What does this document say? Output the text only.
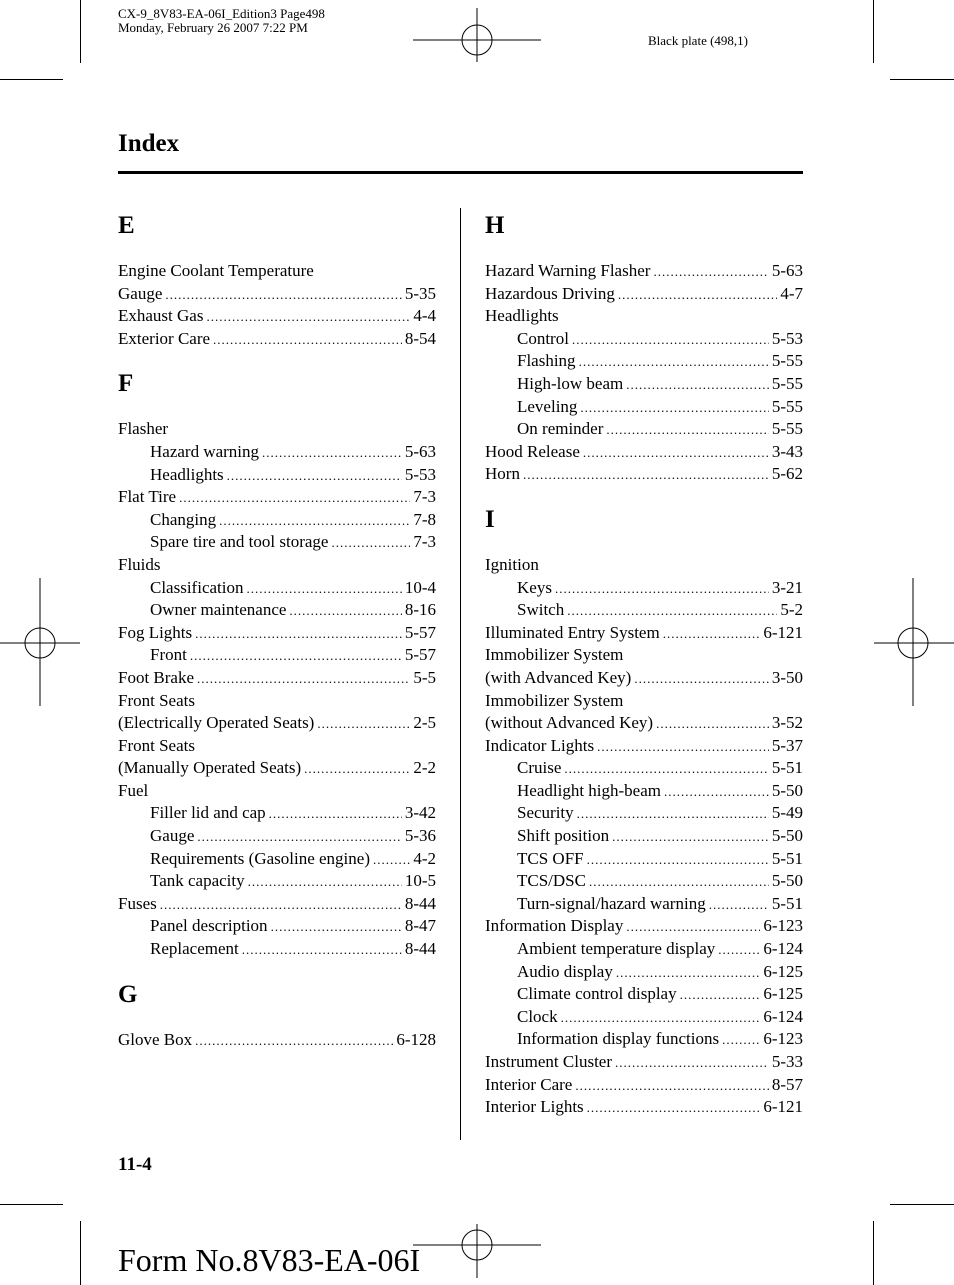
CX-9_8V83-EA-06I_Edition3 Page498
Monday, February 26 2007 7:22 PM
Black plate (498,1)
Index
E
Engine Coolant Temperature
Gauge .....	5-35
Exhaust Gas .....	4-4
Exterior Care .....	8-54
F
Flasher
Hazard warning .....	5-63
Headlights .....	5-53
Flat Tire .....	7-3
Changing .....	7-8
Spare tire and tool storage .....	7-3
Fluids
Classification .....	10-4
Owner maintenance .....	8-16
Fog Lights .....	5-57
Front .....	5-57
Foot Brake .....	5-5
Front Seats
(Electrically Operated Seats) .....	2-5
Front Seats
(Manually Operated Seats) .....	2-2
Fuel
Filler lid and cap .....	3-42
Gauge .....	5-36
Requirements (Gasoline engine) .....	4-2
Tank capacity .....	10-5
Fuses .....	8-44
Panel description .....	8-47
Replacement .....	8-44
G
Glove Box .....	6-128
H
Hazard Warning Flasher .....	5-63
Hazardous Driving .....	4-7
Headlights
Control .....	5-53
Flashing .....	5-55
High-low beam .....	5-55
Leveling .....	5-55
On reminder .....	5-55
Hood Release .....	3-43
Horn .....	5-62
I
Ignition
Keys .....	3-21
Switch .....	5-2
Illuminated Entry System .....	6-121
Immobilizer System
(with Advanced Key) .....	3-50
Immobilizer System
(without Advanced Key) .....	3-52
Indicator Lights .....	5-37
Cruise .....	5-51
Headlight high-beam .....	5-50
Security .....	5-49
Shift position .....	5-50
TCS OFF .....	5-51
TCS/DSC .....	5-50
Turn-signal/hazard warning .....	5-51
Information Display .....	6-123
Ambient temperature display .....	6-124
Audio display .....	6-125
Climate control display .....	6-125
Clock .....	6-124
Information display functions .....	6-123
Instrument Cluster .....	5-33
Interior Care .....	8-57
Interior Lights .....	6-121
11-4
Form No.8V83-EA-06I
